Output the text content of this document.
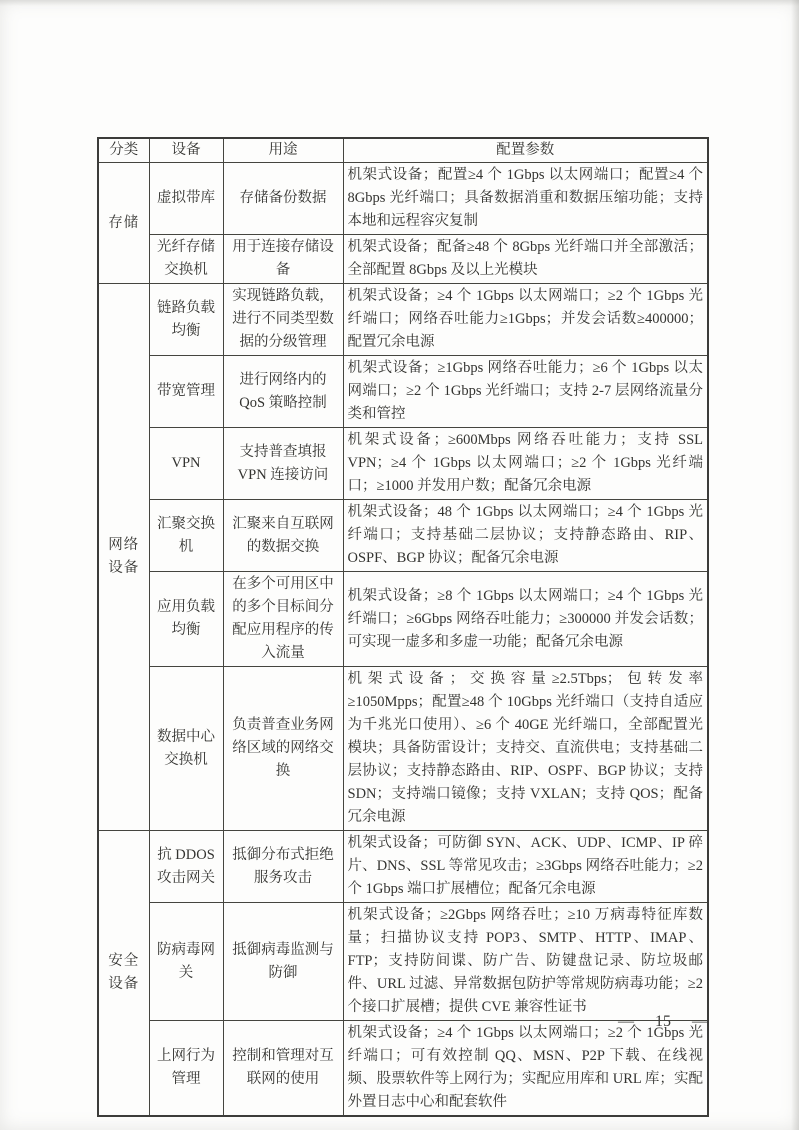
分类	设备	用途	配置参数
存储	虚拟带库	存储备份数据	机架式设备；配置≥4 个 1Gbps 以太网端口；配置≥4 个 8Gbps 光纤端口；具备数据消重和数据压缩功能；支持本地和远程容灾复制
	光纤存储交换机	用于连接存储设备	机架式设备；配备≥48 个 8Gbps 光纤端口并全部激活；全部配置 8Gbps 及以上光模块
网络设备	链路负载均衡	实现链路负载，进行不同类型数据的分级管理	机架式设备；≥4 个 1Gbps 以太网端口；≥2 个 1Gbps 光纤端口；网络吞吐能力≥1Gbps；并发会话数≥400000；配置冗余电源
	带宽管理	进行网络内的 QoS 策略控制	机架式设备；≥1Gbps 网络吞吐能力；≥6 个 1Gbps 以太网端口；≥2 个 1Gbps 光纤端口；支持 2-7 层网络流量分类和管控
	VPN	支持普查填报 VPN 连接访问	机架式设备；≥600Mbps 网络吞吐能力；支持 SSL VPN；≥4 个 1Gbps 以太网端口；≥2 个 1Gbps 光纤端口；≥1000 并发用户数；配备冗余电源
	汇聚交换机	汇聚来自互联网的数据交换	机架式设备；48 个 1Gbps 以太网端口；≥4 个 1Gbps 光纤端口；支持基础二层协议；支持静态路由、RIP、OSPF、BGP 协议；配备冗余电源
	应用负载均衡	在多个可用区中的多个目标间分配应用程序的传入流量	机架式设备；≥8 个 1Gbps 以太网端口；≥4 个 1Gbps 光纤端口；≥6Gbps 网络吞吐能力；≥300000 并发会话数；可实现一虚多和多虚一功能；配备冗余电源
	数据中心交换机	负责普查业务网络区域的网络交换	机架式设备；交换容量≥2.5Tbps；包转发率≥1050Mpps；配置≥48 个 10Gbps 光纤端口（支持自适应为千兆光口使用）、≥6 个 40GE 光纤端口，全部配置光模块；具备防雷设计；支持交、直流供电；支持基础二层协议；支持静态路由、RIP、OSPF、BGP 协议；支持 SDN；支持端口镜像；支持 VXLAN；支持 QOS；配备冗余电源
安全设备	抗 DDOS 攻击网关	抵御分布式拒绝服务攻击	机架式设备；可防御 SYN、ACK、UDP、ICMP、IP 碎片、DNS、SSL 等常见攻击；≥3Gbps 网络吞吐能力；≥2 个 1Gbps 端口扩展槽位；配备冗余电源
	防病毒网关	抵御病毒监测与防御	机架式设备；≥2Gbps 网络吞吐；≥10 万病毒特征库数量；扫描协议支持 POP3、SMTP、HTTP、IMAP、FTP；支持防间谍、防广告、防键盘记录、防垃圾邮件、URL 过滤、异常数据包防护等常规防病毒功能；≥2 个接口扩展槽；提供 CVE 兼容性证书
	上网行为管理	控制和管理对互联网的使用	机架式设备；≥4 个 1Gbps 以太网端口；≥2 个 1Gbps 光纤端口；可有效控制 QQ、MSN、P2P 下载、在线视频、股票软件等上网行为；实配应用库和 URL 库；实配外置日志中心和配套软件
— 15 —
